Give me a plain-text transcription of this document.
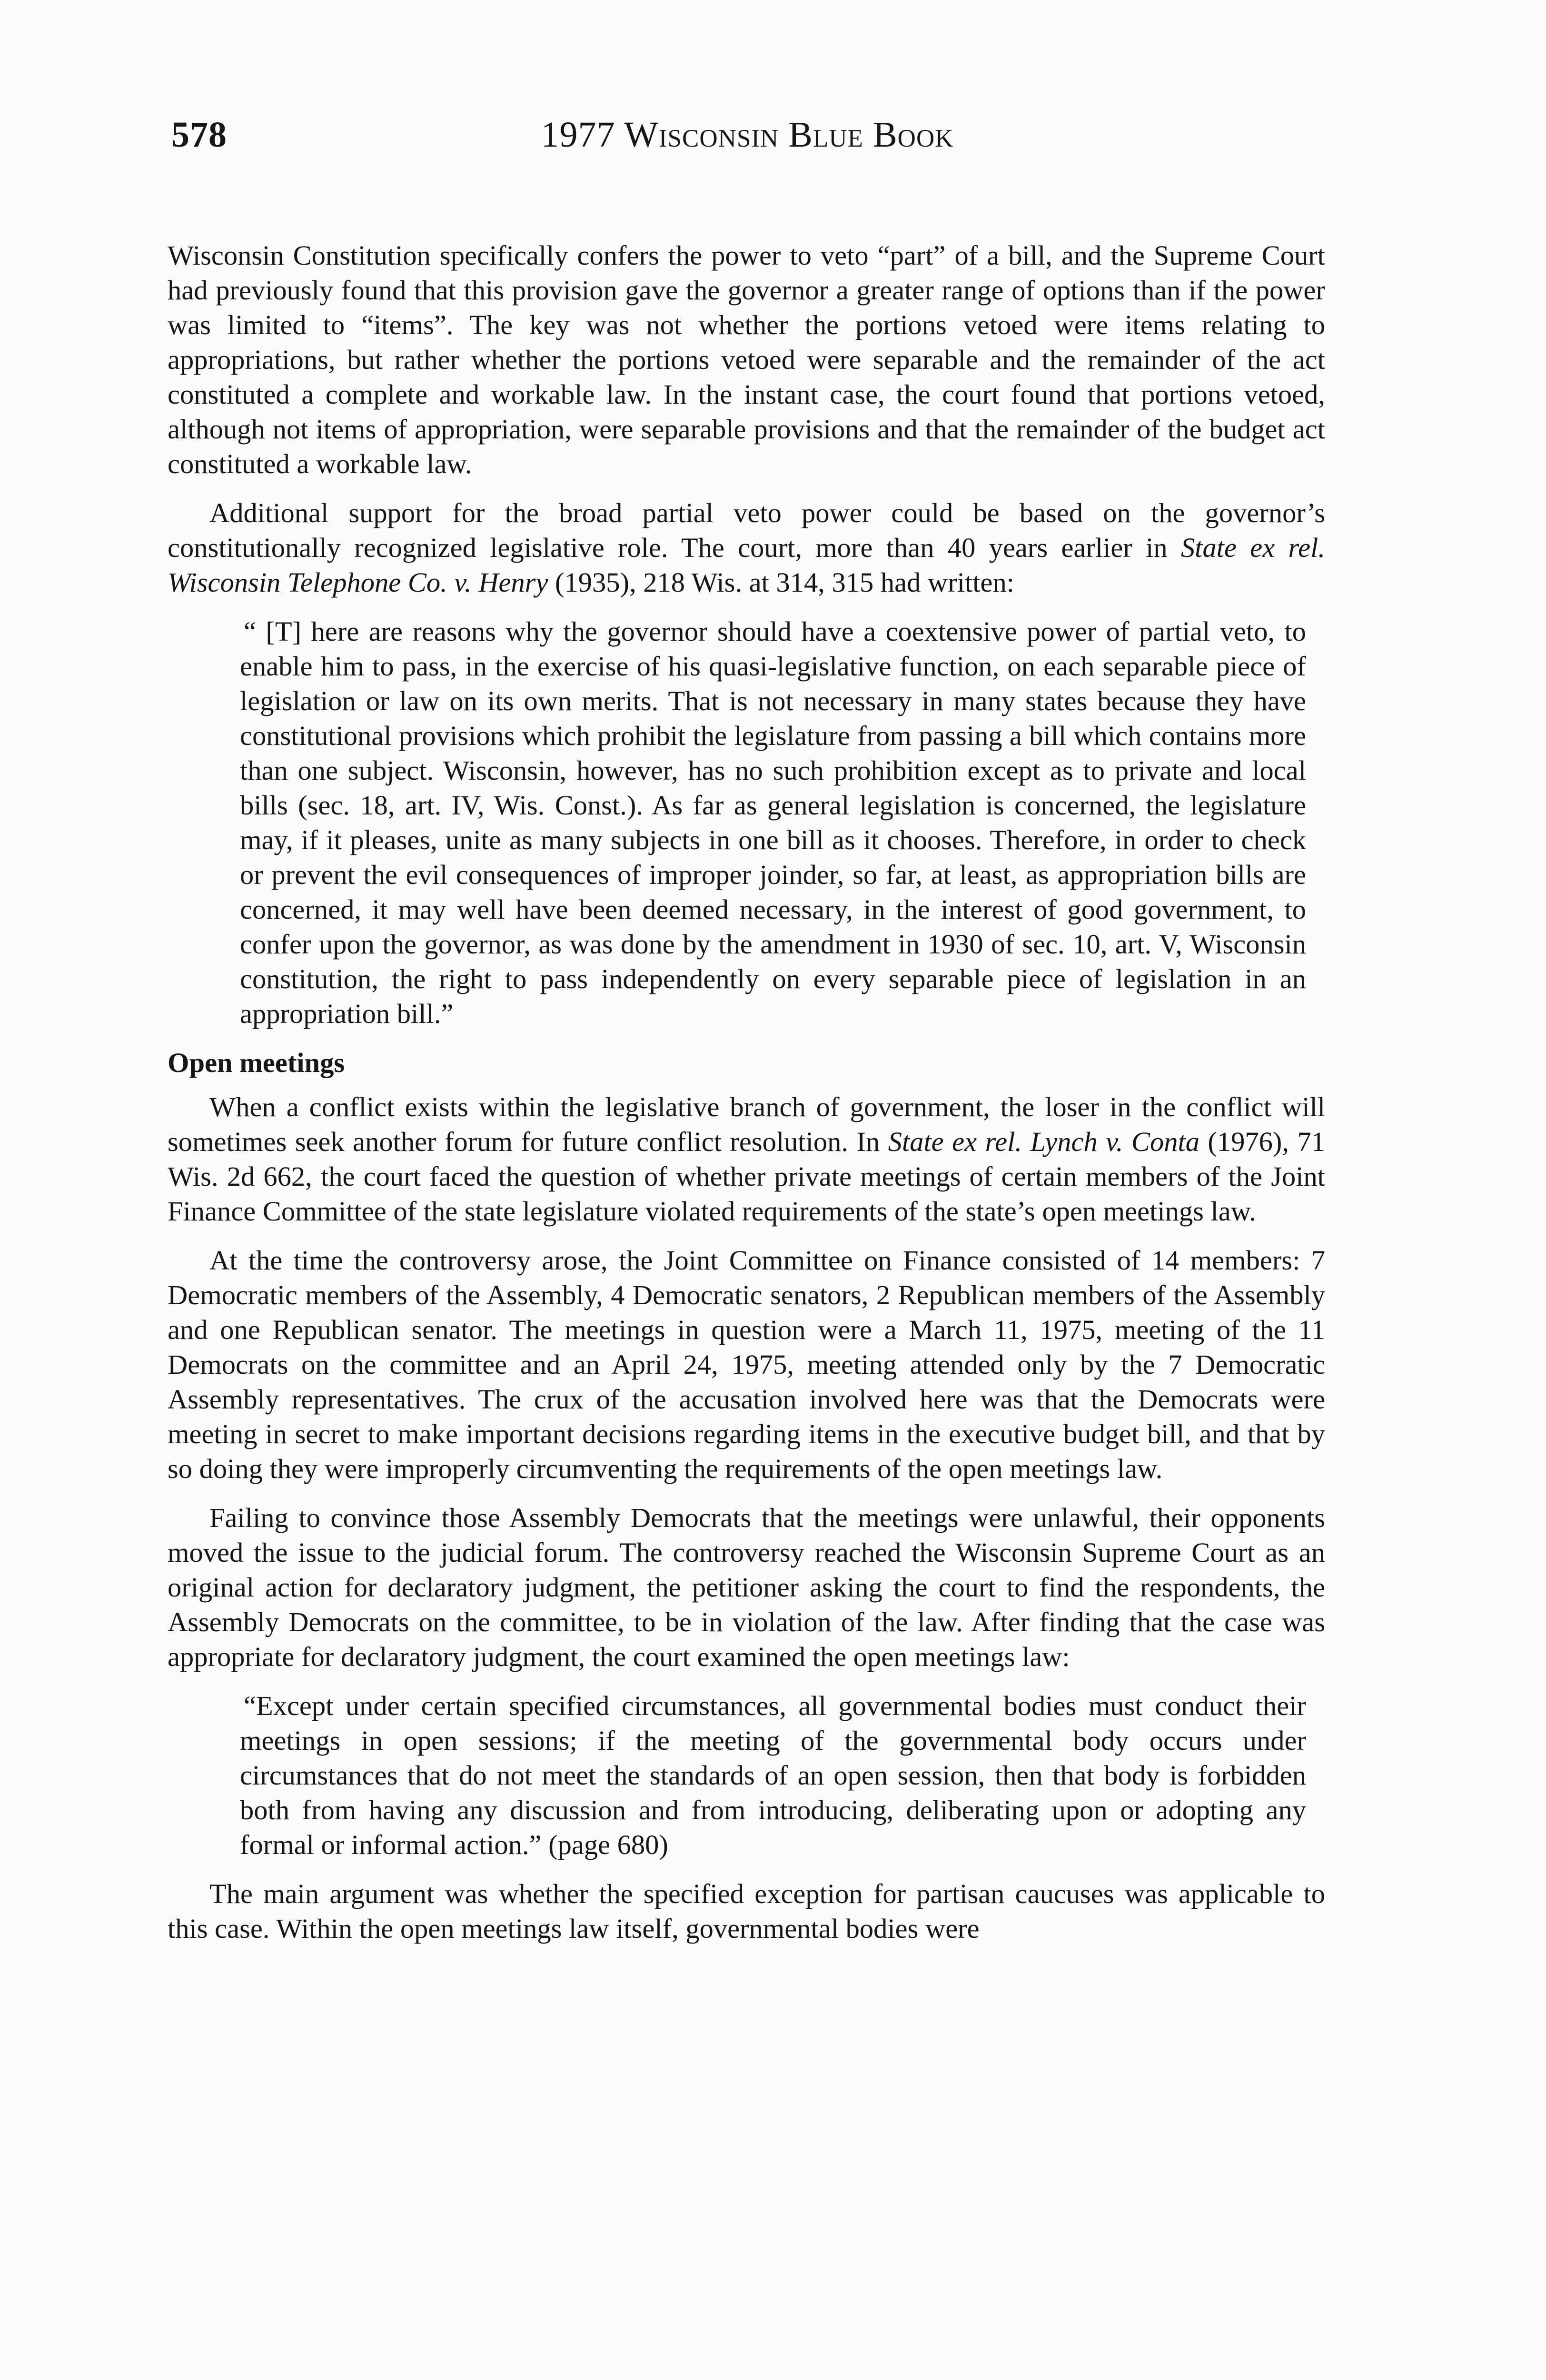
578	1977 Wisconsin Blue Book

Wisconsin Constitution specifically confers the power to veto “part” of a bill, and the Supreme Court had previously found that this provision gave the governor a greater range of options than if the power was limited to “items”. The key was not whether the portions vetoed were items relating to appropriations, but rather whether the portions vetoed were separable and the remainder of the act constituted a complete and workable law. In the instant case, the court found that portions vetoed, although not items of appropriation, were separable provisions and that the remainder of the budget act constituted a workable law.

Additional support for the broad partial veto power could be based on the governor’s constitutionally recognized legislative role. The court, more than 40 years earlier in State ex rel. Wisconsin Telephone Co. v. Henry (1935), 218 Wis. at 314, 315 had written:

“ [T] here are reasons why the governor should have a coextensive power of partial veto, to enable him to pass, in the exercise of his quasi-legislative function, on each separable piece of legislation or law on its own merits. That is not necessary in many states because they have constitutional provisions which prohibit the legislature from passing a bill which contains more than one subject. Wisconsin, however, has no such prohibition except as to private and local bills (sec. 18, art. IV, Wis. Const.). As far as general legislation is concerned, the legislature may, if it pleases, unite as many subjects in one bill as it chooses. Therefore, in order to check or prevent the evil consequences of improper joinder, so far, at least, as appropriation bills are concerned, it may well have been deemed necessary, in the interest of good government, to confer upon the governor, as was done by the amendment in 1930 of sec. 10, art. V, Wisconsin constitution, the right to pass independently on every separable piece of legislation in an appropriation bill.”
Open meetings

When a conflict exists within the legislative branch of government, the loser in the conflict will sometimes seek another forum for future conflict resolution. In State ex rel. Lynch v. Conta (1976), 71 Wis. 2d 662, the court faced the question of whether private meetings of certain members of the Joint Finance Committee of the state legislature violated requirements of the state’s open meetings law.

At the time the controversy arose, the Joint Committee on Finance consisted of 14 members: 7 Democratic members of the Assembly, 4 Democratic senators, 2 Republican members of the Assembly and one Republican senator. The meetings in question were a March 11, 1975, meeting of the 11 Democrats on the committee and an April 24, 1975, meeting attended only by the 7 Democratic Assembly representatives. The crux of the accusation involved here was that the Democrats were meeting in secret to make important decisions regarding items in the executive budget bill, and that by so doing they were improperly circumventing the requirements of the open meetings law.

Failing to convince those Assembly Democrats that the meetings were unlawful, their opponents moved the issue to the judicial forum. The controversy reached the Wisconsin Supreme Court as an original action for declaratory judgment, the petitioner asking the court to find the respondents, the Assembly Democrats on the committee, to be in violation of the law. After finding that the case was appropriate for declaratory judgment, the court examined the open meetings law:

“Except under certain specified circumstances, all governmental bodies must conduct their meetings in open sessions; if the meeting of the governmental body occurs under circumstances that do not meet the standards of an open session, then that body is forbidden both from having any discussion and from introducing, deliberating upon or adopting any formal or informal action.” (page 680)

The main argument was whether the specified exception for partisan caucuses was applicable to this case. Within the open meetings law itself, governmental bodies were
